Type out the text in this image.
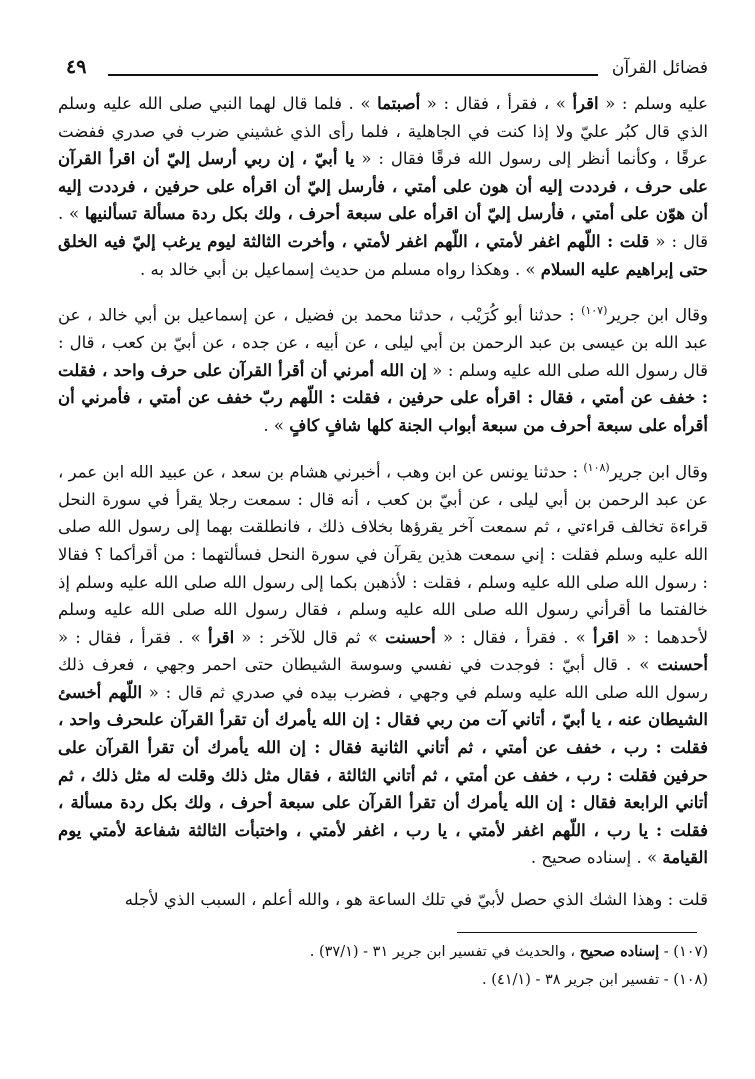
فضائل القرآن
٤٩

عليه وسلم : « اقرأ » ، فقرأ ، فقال : « أصبتما » . فلما قال لهما النبي صلى الله عليه وسلم الذي قال كبُر عليّ ولا إذا كنت في الجاهلية ، فلما رأى الذي غشيني ضرب في صدري ففضت عرقًا ، وكأنما أنظر إلى رسول الله فرقًا فقال : « يا أبيّ ، إن ربي أرسل إليّ أن اقرأ القرآن على حرف ، فرددت إليه أن هون على أمتي ، فأرسل إليّ أن اقرأه على حرفين ، فرددت إليه أن هوّن على أمتي ، فأرسل إليّ أن اقرأه على سبعة أحرف ، ولك بكل ردة مسألة تسألنيها » . قال : « قلت : اللّهم اغفر لأمتي ، اللّهم اغفر لأمتي ، وأخرت الثالثة ليوم يرغب إليّ فيه الخلق حتى إبراهيم عليه السلام » . وهكذا رواه مسلم من حديث إسماعيل بن أبي خالد به .

وقال ابن جرير$^{(١٠٧)}$ : حدثنا أبو كُرَيْب ، حدثنا محمد بن فضيل ، عن إسماعيل بن أبي خالد ، عن عبد الله بن عيسى بن عبد الرحمن بن أبي ليلى ، عن أبيه ، عن جده ، عن أبيّ بن كعب ، قال : قال رسول الله صلى الله عليه وسلم : « إن الله أمرني أن أقرأ القرآن على حرف واحد ، فقلت : خفف عن أمتي ، فقال : اقرأه على حرفين ، فقلت : اللّهم ربّ خفف عن أمتي ، فأمرني أن أقرأه على سبعة أحرف من سبعة أبواب الجنة كلها شافٍ كافٍ » .

وقال ابن جرير$^{(١٠٨)}$ : حدثنا يونس عن ابن وهب ، أخبرني هشام بن سعد ، عن عبيد الله ابن عمر ، عن عبد الرحمن بن أبي ليلى ، عن أبيّ بن كعب ، أنه قال : سمعت رجلا يقرأ في سورة النحل قراءة تخالف قراءتي ، ثم سمعت آخر يقرؤها بخلاف ذلك ، فانطلقت بهما إلى رسول الله صلى الله عليه وسلم فقلت : إني سمعت هذين يقرآن في سورة النحل فسألتهما : من أقرأكما ؟ فقالا : رسول الله صلى الله عليه وسلم ، فقلت : لأذهبن بكما إلى رسول الله صلى الله عليه وسلم إذ خالفتما ما أقرأني رسول الله صلى الله عليه وسلم ، فقال رسول الله صلى الله عليه وسلم لأحدهما : « اقرأ » . فقرأ ، فقال : « أحسنت » ثم قال للآخر : « اقرأ » . فقرأ ، فقال : « أحسنت » . قال أبيّ : فوجدت في نفسي وسوسة الشيطان حتى احمر وجهي ، فعرف ذلك رسول الله صلى الله عليه وسلم في وجهي ، فضرب بيده في صدري ثم قال : « اللّهم أخسئ الشيطان عنه ، يا أبيّ ، أتاني آت من ربي فقال : إن الله يأمرك أن تقرأ القرآن علىحرف واحد ، فقلت : رب ، خفف عن أمتي ، ثم أتاني الثانية فقال : إن الله يأمرك أن تقرأ القرآن على حرفين فقلت : رب ، خفف عن أمتي ، ثم أتاني الثالثة ، فقال مثل ذلك وقلت له مثل ذلك ، ثم أتاني الرابعة فقال : إن الله يأمرك أن تقرأ القرآن على سبعة أحرف ، ولك بكل ردة مسألة ، فقلت : يا رب ، اللّهم اغفر لأمتي ، يا رب ، اغفر لأمتي ، واختبأت الثالثة شفاعة لأمتي يوم القيامة » . إسناده صحيح .

قلت : وهذا الشك الذي حصل لأبيّ في تلك الساعة هو ، والله أعلم ، السبب الذي لأجله

(١٠٧) - إسناده صحيح ، والحديث في تفسير ابن جرير ٣١ - (٣٧/١) .

(١٠٨) - تفسير ابن جرير ٣٨ - (٤١/١) .
